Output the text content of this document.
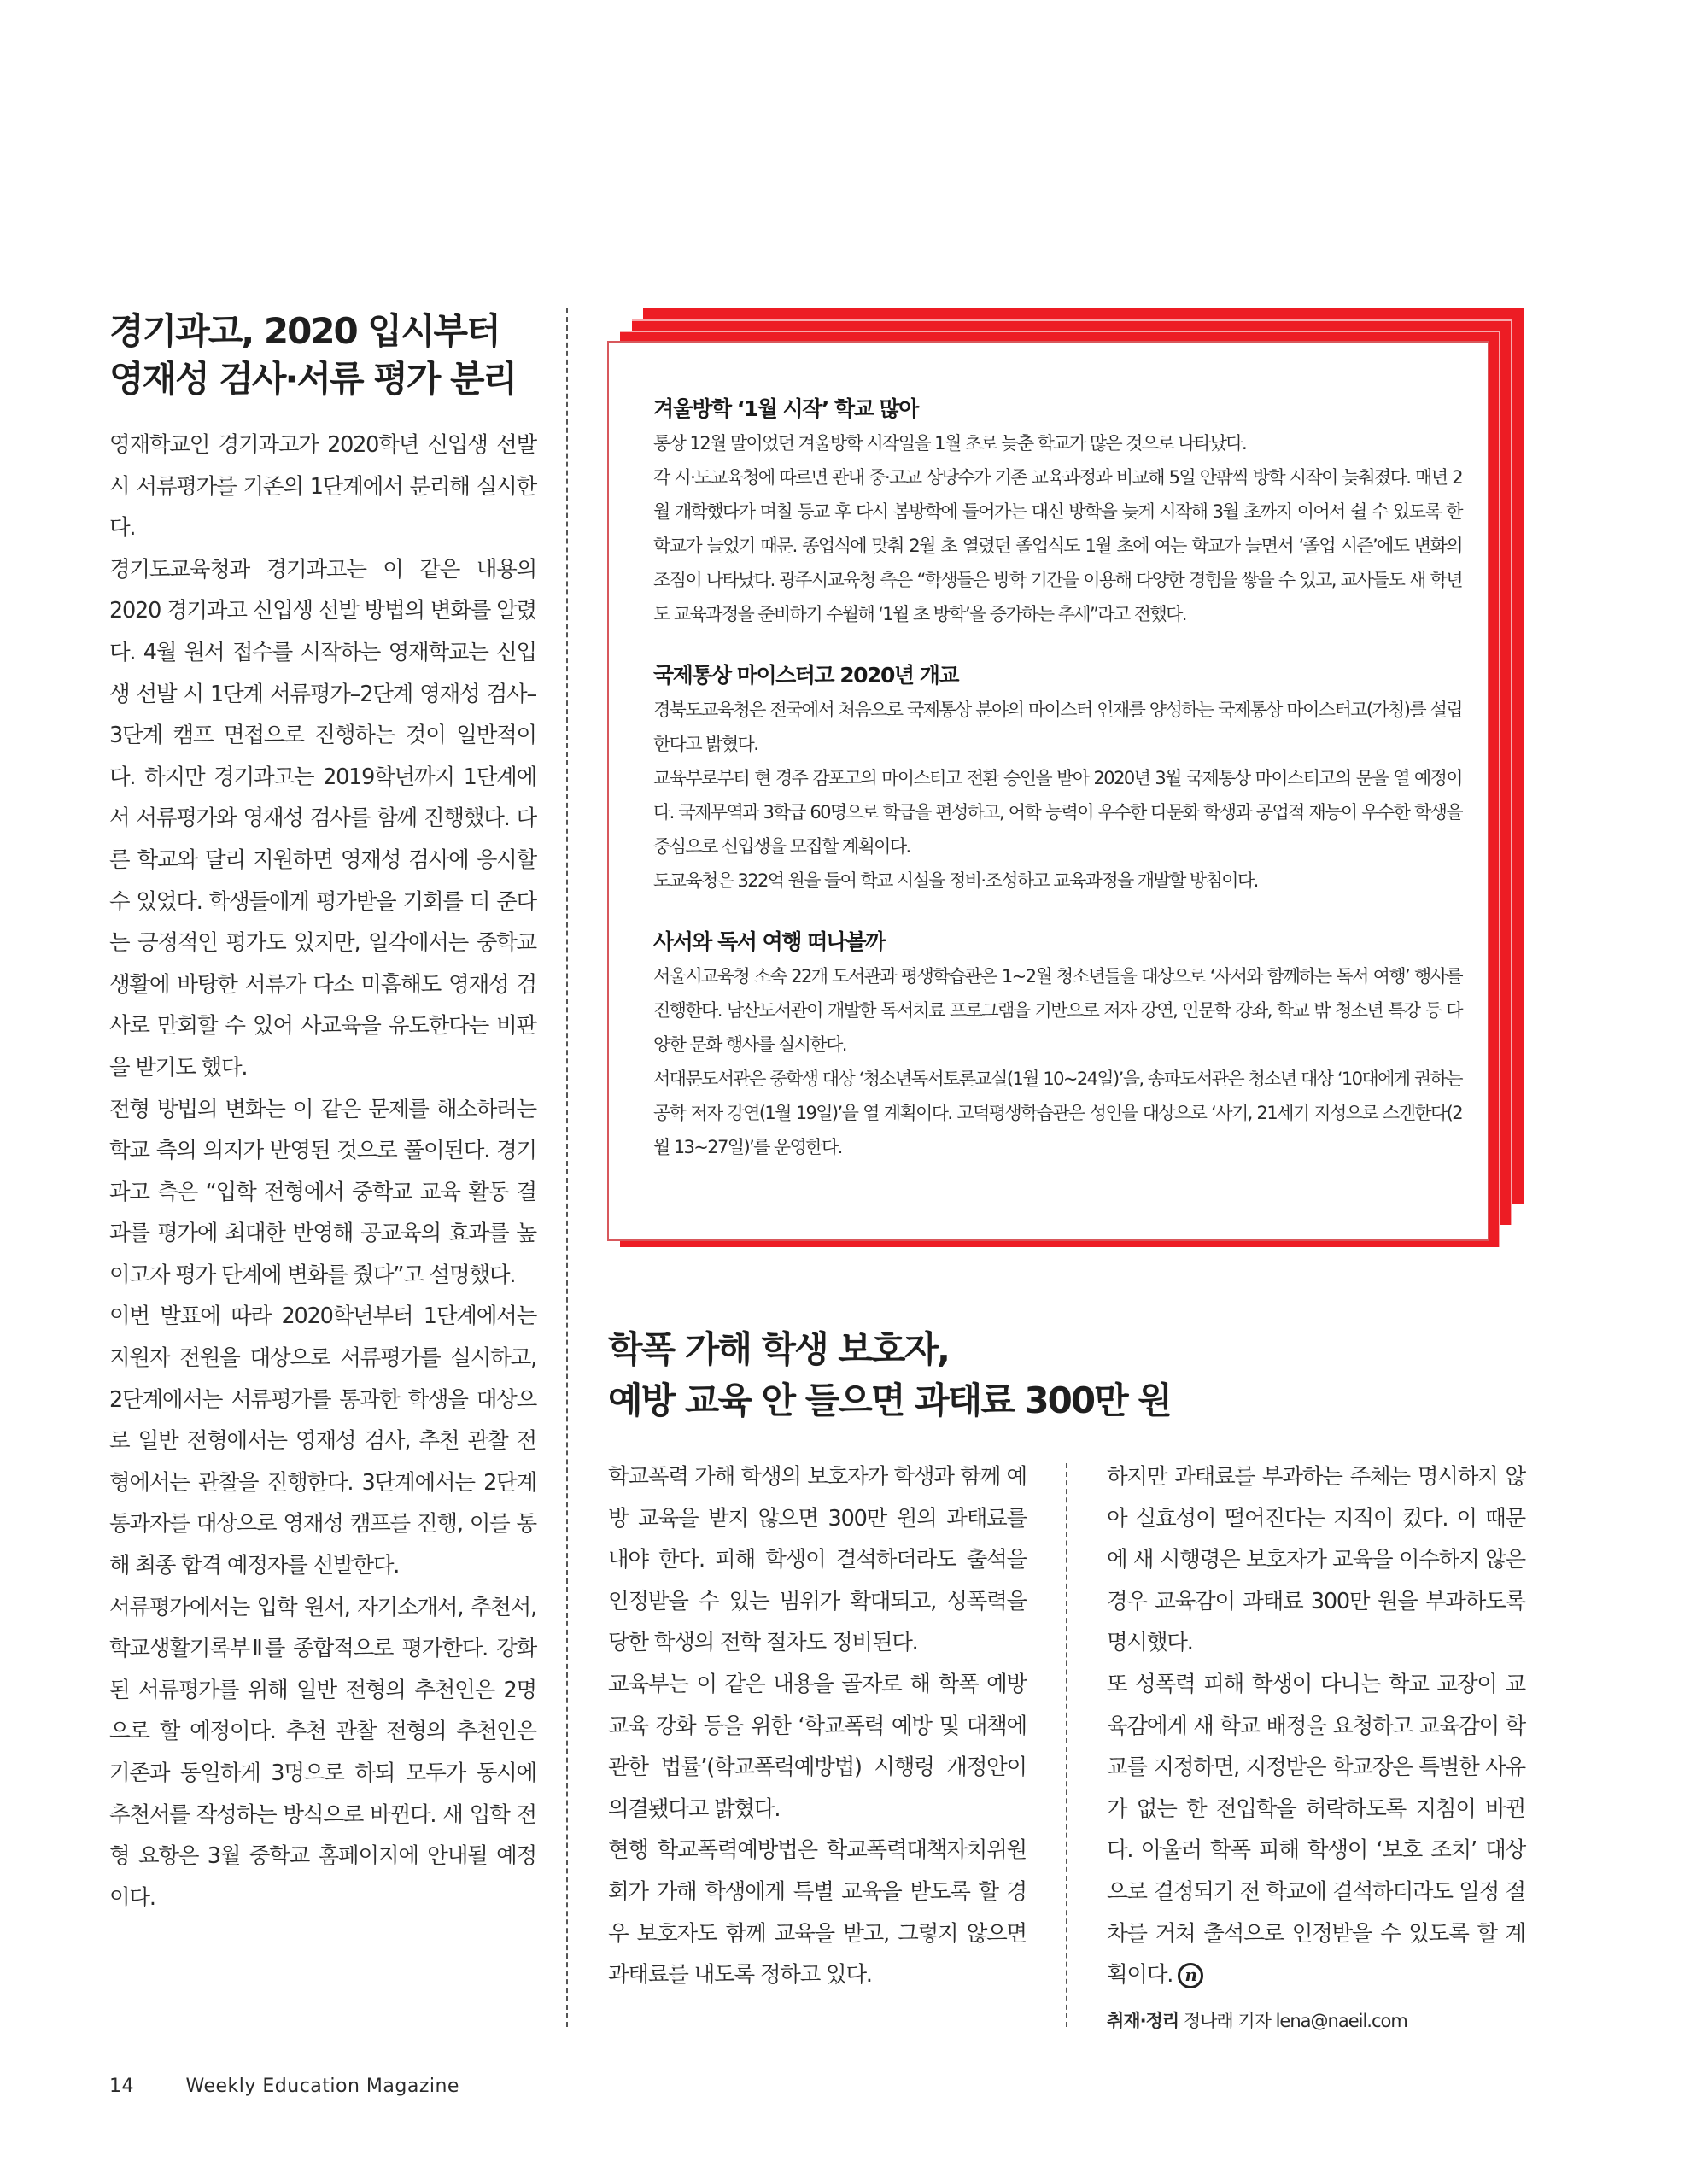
경기과고, 2020 입시부터
영재성 검사·서류 평가 분리

영재학교인 경기과고가 2020학년 신입생 선발 시 서류평가를 기존의 1단계에서 분리해 실시한다.

경기도교육청과 경기과고는 이 같은 내용의 2020 경기과고 신입생 선발 방법의 변화를 알렸다. 4월 원서 접수를 시작하는 영재학교는 신입생 선발 시 1단계 서류평가–2단계 영재성 검사–3단계 캠프 면접으로 진행하는 것이 일반적이다. 하지만 경기과고는 2019학년까지 1단계에서 서류평가와 영재성 검사를 함께 진행했다. 다른 학교와 달리 지원하면 영재성 검사에 응시할 수 있었다. 학생들에게 평가받을 기회를 더 준다는 긍정적인 평가도 있지만, 일각에서는 중학교생활에 바탕한 서류가 다소 미흡해도 영재성 검사로 만회할 수 있어 사교육을 유도한다는 비판을 받기도 했다.

전형 방법의 변화는 이 같은 문제를 해소하려는 학교 측의 의지가 반영된 것으로 풀이된다. 경기과고 측은 “입학 전형에서 중학교 교육 활동 결과를 평가에 최대한 반영해 공교육의 효과를 높이고자 평가 단계에 변화를 줬다”고 설명했다.

이번 발표에 따라 2020학년부터 1단계에서는 지원자 전원을 대상으로 서류평가를 실시하고, 2단계에서는 서류평가를 통과한 학생을 대상으로 일반 전형에서는 영재성 검사, 추천 관찰 전형에서는 관찰을 진행한다. 3단계에서는 2단계 통과자를 대상으로 영재성 캠프를 진행, 이를 통해 최종 합격 예정자를 선발한다.

서류평가에서는 입학 원서, 자기소개서, 추천서, 학교생활기록부Ⅱ를 종합적으로 평가한다. 강화된 서류평가를 위해 일반 전형의 추천인은 2명으로 할 예정이다. 추천 관찰 전형의 추천인은 기존과 동일하게 3명으로 하되 모두가 동시에 추천서를 작성하는 방식으로 바뀐다. 새 입학 전형 요항은 3월 중학교 홈페이지에 안내될 예정이다.

겨울방학 ‘1월 시작’ 학교 많아

통상 12월 말이었던 겨울방학 시작일을 1월 초로 늦춘 학교가 많은 것으로 나타났다.

각 시·도교육청에 따르면 관내 중·고교 상당수가 기존 교육과정과 비교해 5일 안팎씩 방학 시작이 늦춰졌다. 매년 2월 개학했다가 며칠 등교 후 다시 봄방학에 들어가는 대신 방학을 늦게 시작해 3월 초까지 이어서 쉴 수 있도록 한 학교가 늘었기 때문. 종업식에 맞춰 2월 초 열렸던 졸업식도 1월 초에 여는 학교가 늘면서 ‘졸업 시즌’에도 변화의 조짐이 나타났다. 광주시교육청 측은 “학생들은 방학 기간을 이용해 다양한 경험을 쌓을 수 있고, 교사들도 새 학년도 교육과정을 준비하기 수월해 ‘1월 초 방학’을 증가하는 추세”라고 전했다.

국제통상 마이스터고 2020년 개교

경북도교육청은 전국에서 처음으로 국제통상 분야의 마이스터 인재를 양성하는 국제통상 마이스터고(가칭)를 설립한다고 밝혔다.

교육부로부터 현 경주 감포고의 마이스터고 전환 승인을 받아 2020년 3월 국제통상 마이스터고의 문을 열 예정이다. 국제무역과 3학급 60명으로 학급을 편성하고, 어학 능력이 우수한 다문화 학생과 공업적 재능이 우수한 학생을 중심으로 신입생을 모집할 계획이다.

도교육청은 322억 원을 들여 학교 시설을 정비·조성하고 교육과정을 개발할 방침이다.

사서와 독서 여행 떠나볼까

서울시교육청 소속 22개 도서관과 평생학습관은 1~2월 청소년들을 대상으로 ‘사서와 함께하는 독서 여행’ 행사를 진행한다. 남산도서관이 개발한 독서치료 프로그램을 기반으로 저자 강연, 인문학 강좌, 학교 밖 청소년 특강 등 다양한 문화 행사를 실시한다.

서대문도서관은 중학생 대상 ‘청소년독서토론교실(1월 10~24일)’을, 송파도서관은 청소년 대상 ‘10대에게 권하는 공학 저자 강연(1월 19일)’을 열 계획이다. 고덕평생학습관은 성인을 대상으로 ‘사기, 21세기 지성으로 스캔한다(2월 13~27일)’를 운영한다.

학폭 가해 학생 보호자,
예방 교육 안 들으면 과태료 300만 원

학교폭력 가해 학생의 보호자가 학생과 함께 예방 교육을 받지 않으면 300만 원의 과태료를 내야 한다. 피해 학생이 결석하더라도 출석을 인정받을 수 있는 범위가 확대되고, 성폭력을 당한 학생의 전학 절차도 정비된다.

교육부는 이 같은 내용을 골자로 해 학폭 예방 교육 강화 등을 위한 ‘학교폭력 예방 및 대책에 관한 법률’(학교폭력예방법) 시행령 개정안이 의결됐다고 밝혔다.

현행 학교폭력예방법은 학교폭력대책자치위원회가 가해 학생에게 특별 교육을 받도록 할 경우 보호자도 함께 교육을 받고, 그렇지 않으면 과태료를 내도록 정하고 있다.

하지만 과태료를 부과하는 주체는 명시하지 않아 실효성이 떨어진다는 지적이 컸다. 이 때문에 새 시행령은 보호자가 교육을 이수하지 않은 경우 교육감이 과태료 300만 원을 부과하도록 명시했다.

또 성폭력 피해 학생이 다니는 학교 교장이 교육감에게 새 학교 배정을 요청하고 교육감이 학교를 지정하면, 지정받은 학교장은 특별한 사유가 없는 한 전입학을 허락하도록 지침이 바뀐다. 아울러 학폭 피해 학생이 ‘보호 조치’ 대상으로 결정되기 전 학교에 결석하더라도 일정 절차를 거쳐 출석으로 인정받을 수 있도록 할 계획이다. n

취재·정리 정나래 기자 lena@naeil.com
14	Weekly Education Magazine
